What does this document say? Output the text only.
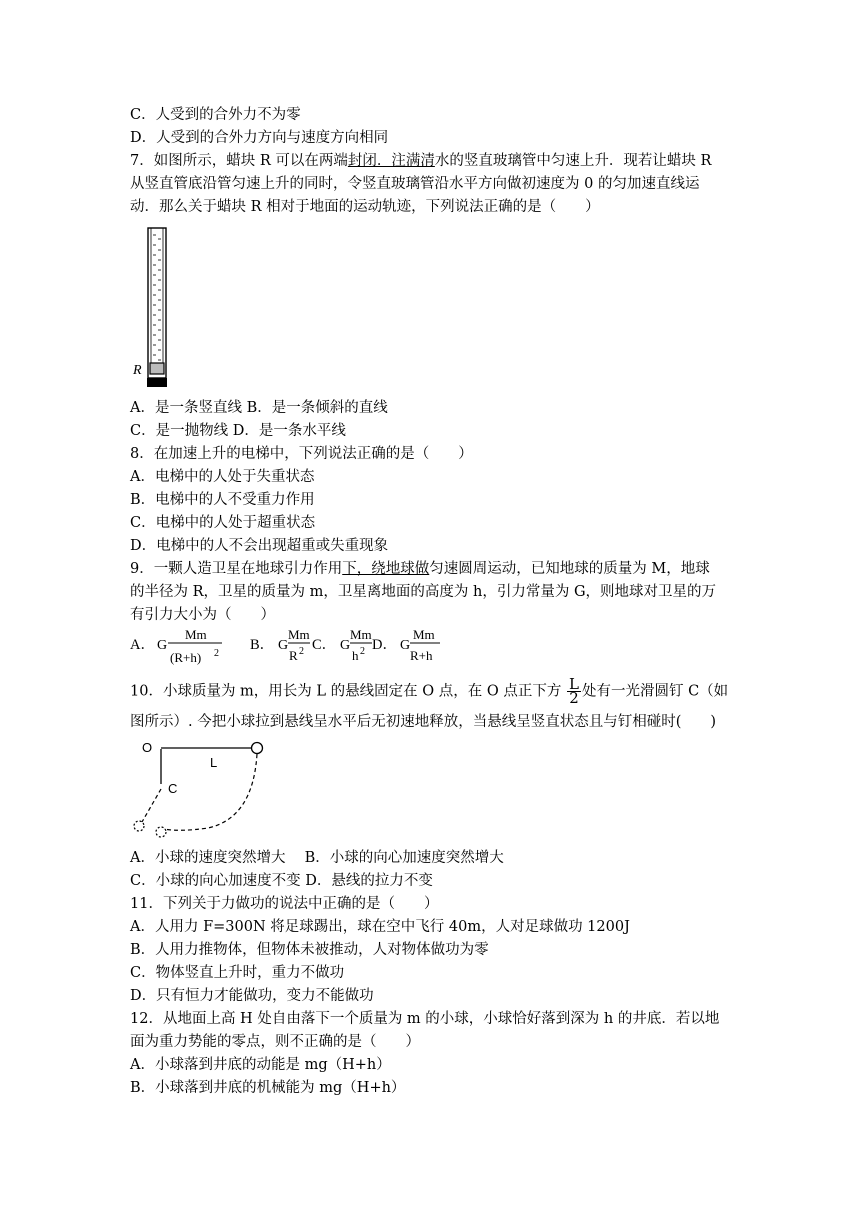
C．人受到的合外力不为零
D．人受到的合外力方向与速度方向相同
7．如图所示，蜡块 R 可以在两端封闭．注满清水的竖直玻璃管中匀速上升．现若让蜡块 R
从竖直管底沿管匀速上升的同时，令竖直玻璃管沿水平方向做初速度为 0 的匀加速直线运
动．那么关于蜡块 R 相对于地面的运动轨迹，下列说法正确的是（　　）
R
A．是一条竖直线 B．是一条倾斜的直线
C．是一抛物线 D．是一条水平线
8．在加速上升的电梯中，下列说法正确的是（　　）
A．电梯中的人处于失重状态
B．电梯中的人不受重力作用
C．电梯中的人处于超重状态
D．电梯中的人不会出现超重或失重现象
9．一颗人造卫星在地球引力作用下，绕地球做匀速圆周运动，已知地球的质量为 M，地球
的半径为 R，卫星的质量为 m，卫星离地面的高度为 h，引力常量为 G，则地球对卫星的万
有引力大小为（　　）
A． G
Mm
(R+h) 2
B． G
Mm
R 2 C． G
Mm
h 2 D． G
Mm
R+h
10．小球质量为 m，用长为 L 的悬线固定在 O 点，在 O 点正下方 $\frac{L}{2}$ 处有一光滑圆钉 C（如
图所示）. 今把小球拉到悬线呈水平后无初速地释放，当悬线呈竖直状态且与钉相碰时(　　)
O
L
C
A．小球的速度突然增大　 B．小球的向心加速度突然增大
C．小球的向心加速度不变 D．悬线的拉力不变
11．下列关于力做功的说法中正确的是（　　）
A．人用力 F=300N 将足球踢出，球在空中飞行 40m，人对足球做功 1200J
B．人用力推物体，但物体未被推动，人对物体做功为零
C．物体竖直上升时，重力不做功
D．只有恒力才能做功，变力不能做功
12．从地面上高 H 处自由落下一个质量为 m 的小球，小球恰好落到深为 h 的井底．若以地
面为重力势能的零点，则不正确的是（　　）
A．小球落到井底的动能是 mg（H+h）
B．小球落到井底的机械能为 mg（H+h）
